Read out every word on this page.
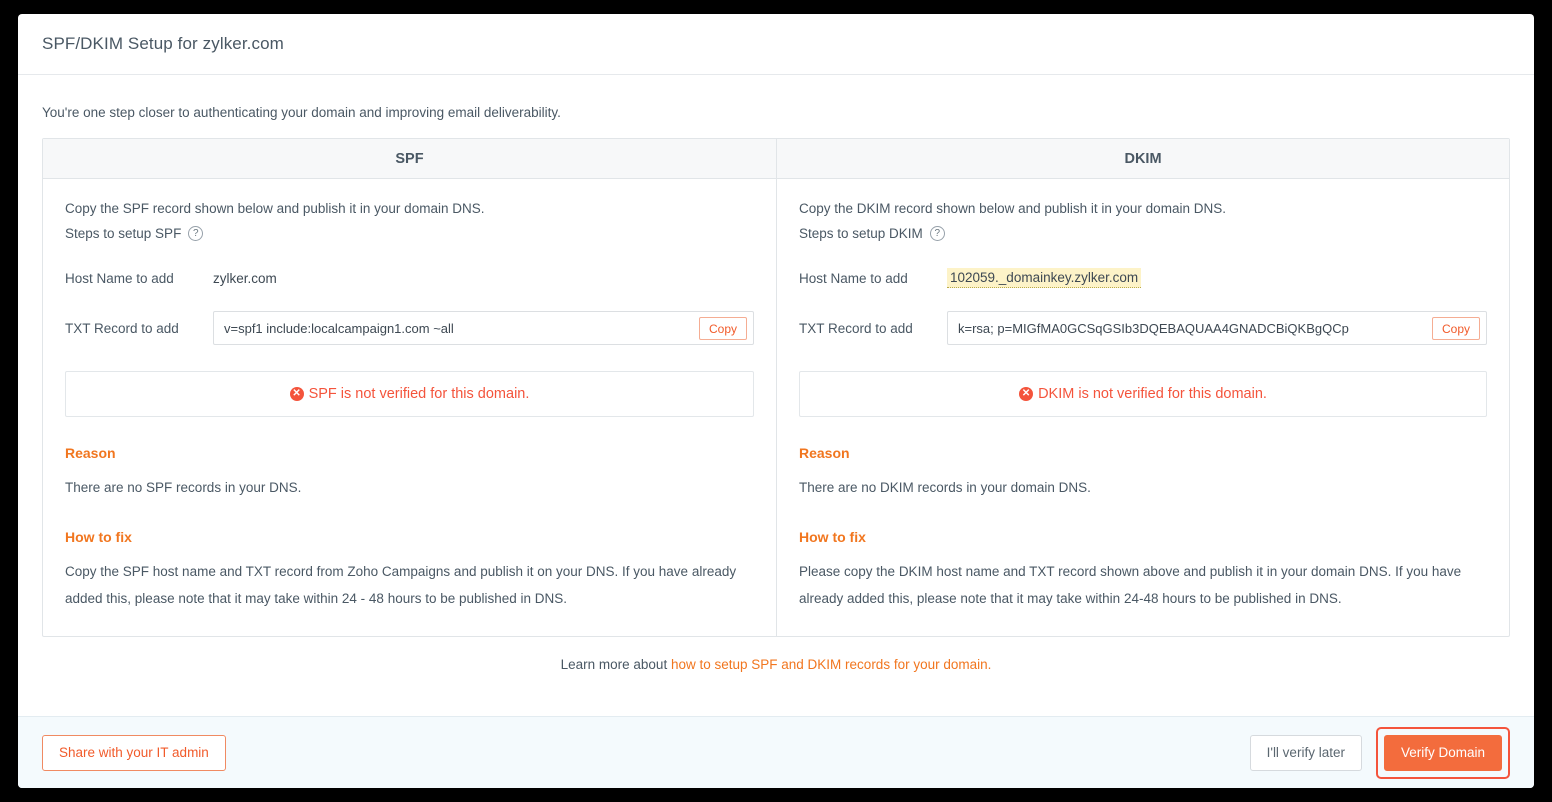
SPF/DKIM Setup for zylker.com
You're one step closer to authenticating your domain and improving email deliverability.
SPF
Copy the SPF record shown below and publish it in your domain DNS.
Steps to setup SPF	?
Host Name to add	zylker.com
TXT Record to add	v=spf1 include:localcampaign1.com ~all	Copy
✕ SPF is not verified for this domain.
Reason
There are no SPF records in your DNS.
How to fix
Copy the SPF host name and TXT record from Zoho Campaigns and publish it on your DNS. If you have already added this, please note that it may take within 24 - 48 hours to be published in DNS.
DKIM
Copy the DKIM record shown below and publish it in your domain DNS.
Steps to setup DKIM	?
Host Name to add	102059._domainkey.zylker.com
TXT Record to add	k=rsa; p=MIGfMA0GCSqGSIb3DQEBAQUAA4GNADCBiQKBgQCp	Copy
✕ DKIM is not verified for this domain.
Reason
There are no DKIM records in your domain DNS.
How to fix
Please copy the DKIM host name and TXT record shown above and publish it in your domain DNS. If you have already added this, please note that it may take within 24-48 hours to be published in DNS.
Learn more about how to setup SPF and DKIM records for your domain.
Share with your IT admin	I'll verify later	Verify Domain
